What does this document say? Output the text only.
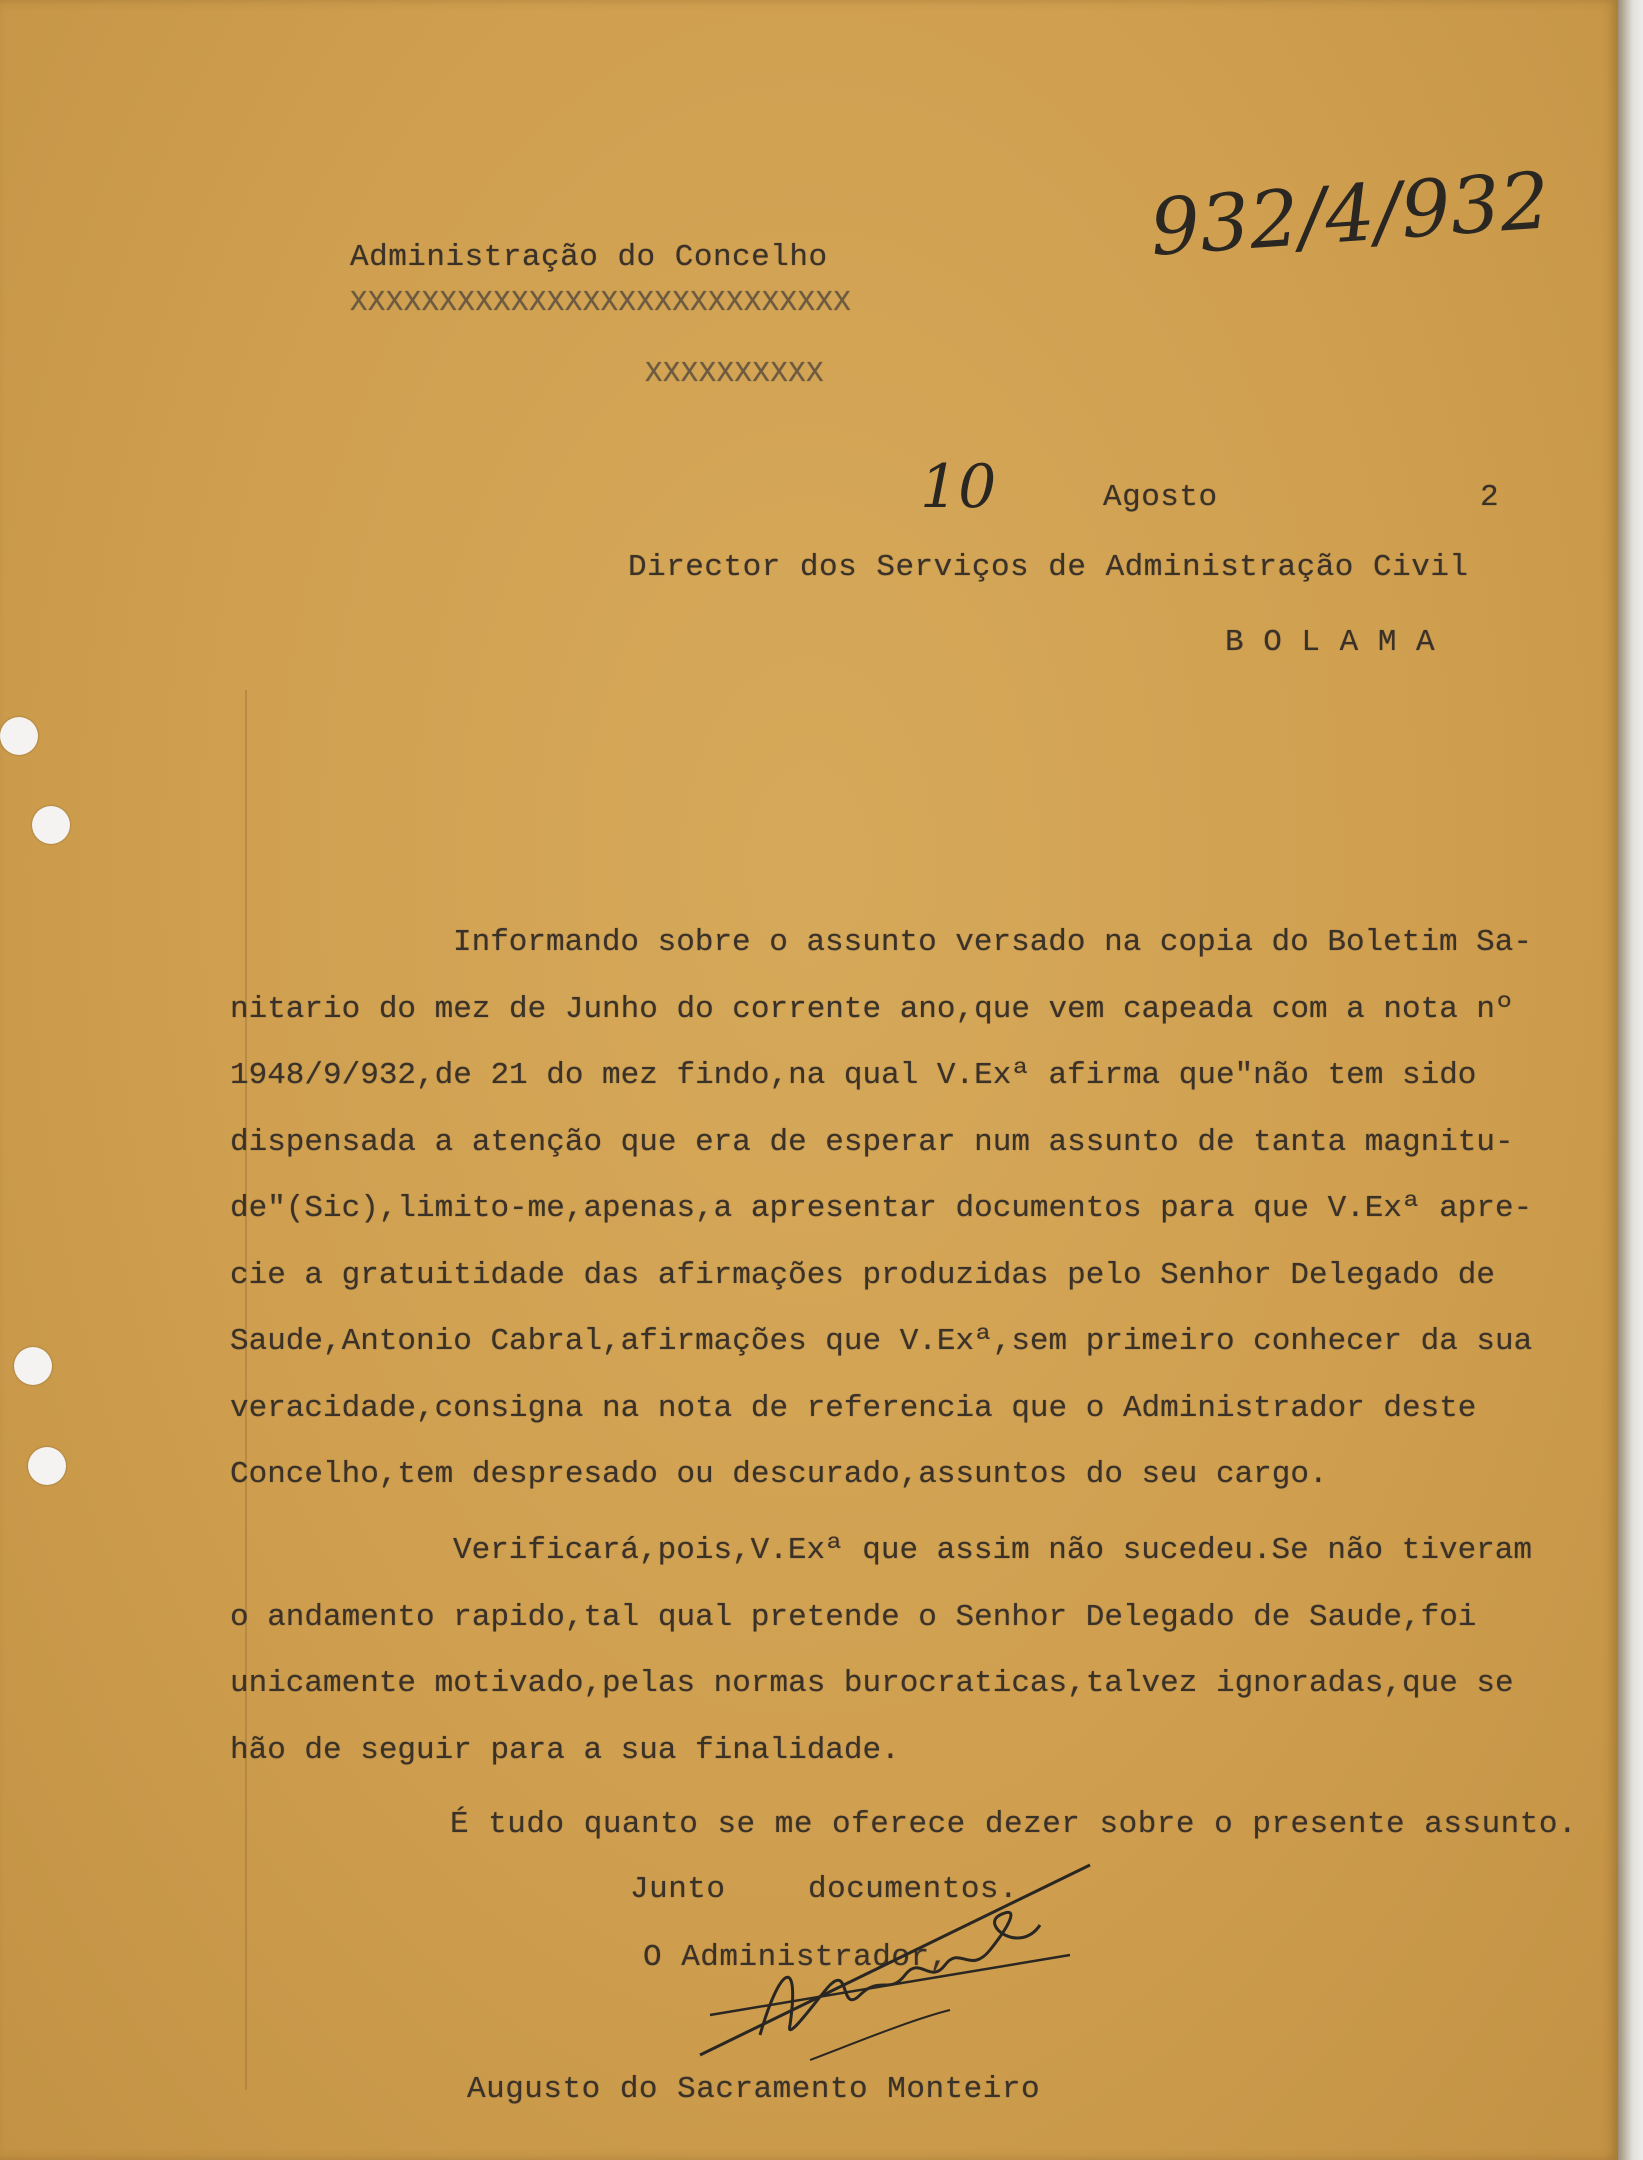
Administração do Concelho
XXXXXXXXXXXXXXXXXXXXXXXXXXXX
XXXXXXXXXX
932/4/932
10	Agosto	2
Director dos Serviços de Administração Civil
B O L A M A
Informando sobre o assunto versado na copia do Boletim Sa-
nitario do mez de Junho do corrente ano,que vem capeada com a nota nº
1948/9/932,de 21 do mez findo,na qual V.Exª afirma que"não tem sido
dispensada a atenção que era de esperar num assunto de tanta magnitu-
de"(Sic),limito-me,apenas,a apresentar documentos para que V.Exª apre-
cie a gratuitidade das afirmações produzidas pelo Senhor Delegado de
Saude,Antonio Cabral,afirmações que V.Exª,sem primeiro conhecer da sua
veracidade,consigna na nota de referencia que o Administrador deste
Concelho,tem despresado ou descurado,assuntos do seu cargo.
Verificará,pois,V.Exª que assim não sucedeu.Se não tiveram
o andamento rapido,tal qual pretende o Senhor Delegado de Saude,foi
unicamente motivado,pelas normas burocraticas,talvez ignoradas,que se
hão de seguir para a sua finalidade.
É tudo quanto se me oferece dezer sobre o presente assunto.
Junto	documentos.
O Administrador,
Augusto do Sacramento Monteiro
